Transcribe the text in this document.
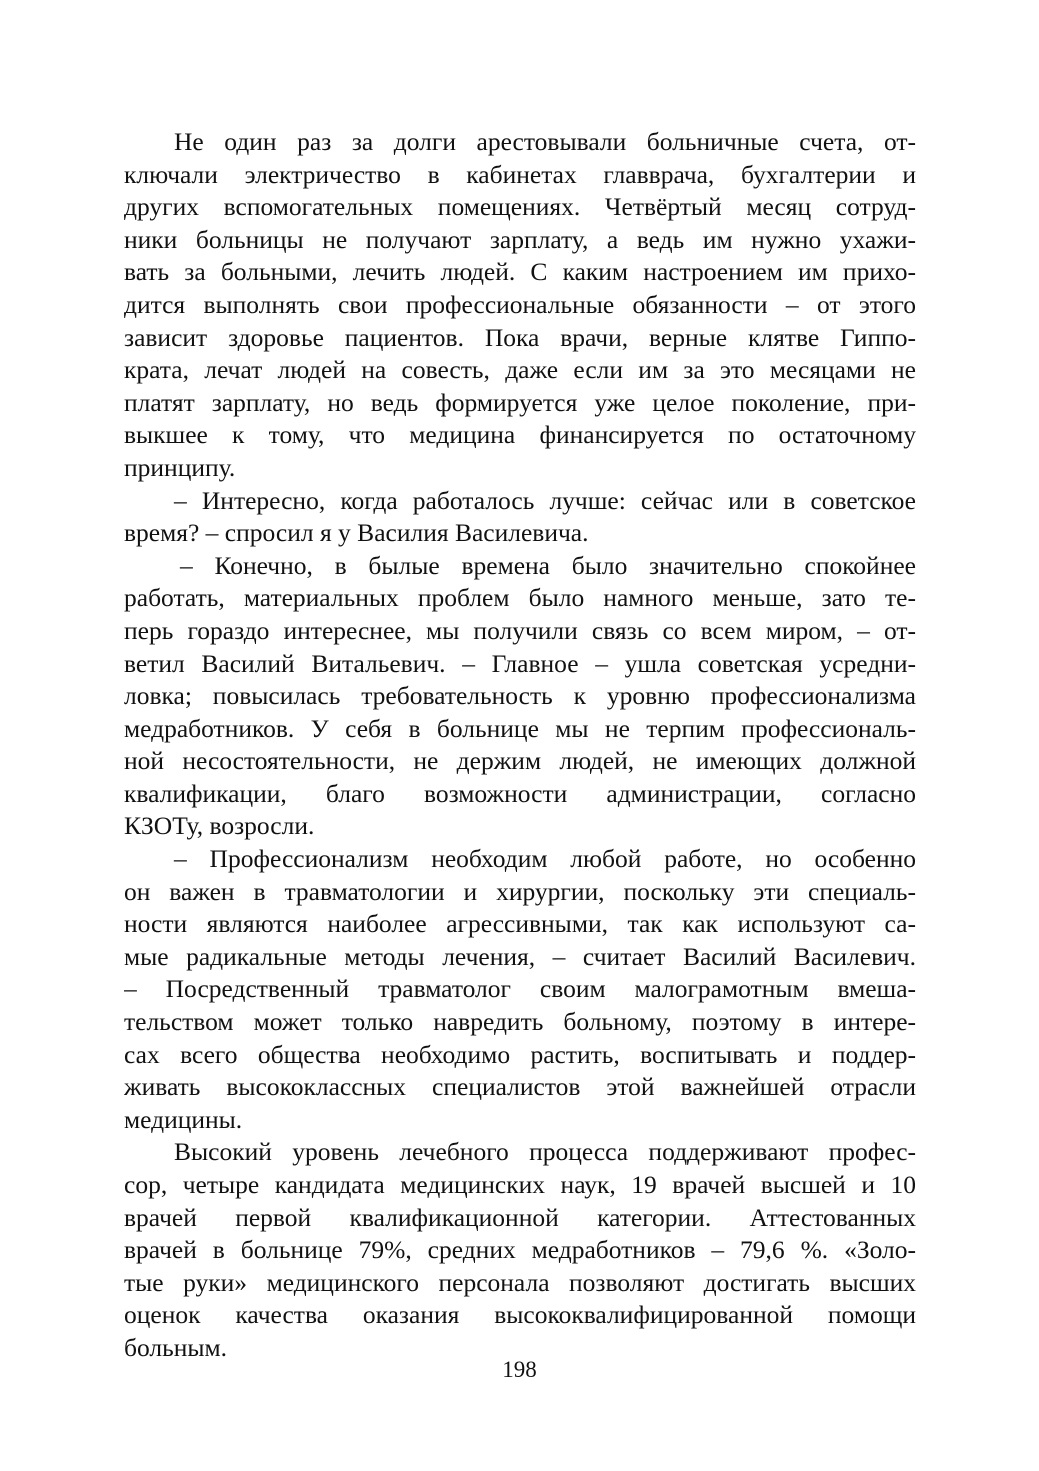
Не один раз за долги арестовывали больничные счета, от-
ключали электричество в кабинетах главврача, бухгалтерии и
других вспомогательных помещениях. Четвёртый месяц сотруд-
ники больницы не получают зарплату, а ведь им нужно ухажи-
вать за больными, лечить людей. С каким настроением им прихо-
дится выполнять свои профессиональные обязанности – от этого
зависит здоровье пациентов. Пока врачи, верные клятве Гиппо-
крата, лечат людей на совесть, даже если им за это месяцами не
платят зарплату, но ведь формируется уже целое поколение, при-
выкшее к тому, что медицина финансируется по остаточному
принципу.
– Интересно, когда работалось лучше: сейчас или в советское
время? – спросил я у Василия Василевича.
– Конечно, в былые времена было значительно спокойнее
работать, материальных проблем было намного меньше, зато те-
перь гораздо интереснее, мы получили связь со всем миром, – от-
ветил Василий Витальевич. – Главное – ушла советская усредни-
ловка; повысилась требовательность к уровню профессионализма
медработников. У себя в больнице мы не терпим профессиональ-
ной несостоятельности, не держим людей, не имеющих должной
квалификации, благо возможности администрации, согласно
КЗОТу, возросли.
– Профессионализм необходим любой работе, но особенно
он важен в травматологии и хирургии, поскольку эти специаль-
ности являются наиболее агрессивными, так как используют са-
мые радикальные методы лечения, – считает Василий Василевич.
– Посредственный травматолог своим малограмотным вмеша-
тельством может только навредить больному, поэтому в интере-
сах всего общества необходимо растить, воспитывать и поддер-
живать высококлассных специалистов этой важнейшей отрасли
медицины.
Высокий уровень лечебного процесса поддерживают профес-
сор, четыре кандидата медицинских наук, 19 врачей высшей и 10
врачей первой квалификационной категории. Аттестованных
врачей в больнице 79%, средних медработников – 79,6 %. «Золо-
тые руки» медицинского персонала позволяют достигать высших
оценок качества оказания высококвалифицированной помощи
больным.
198
